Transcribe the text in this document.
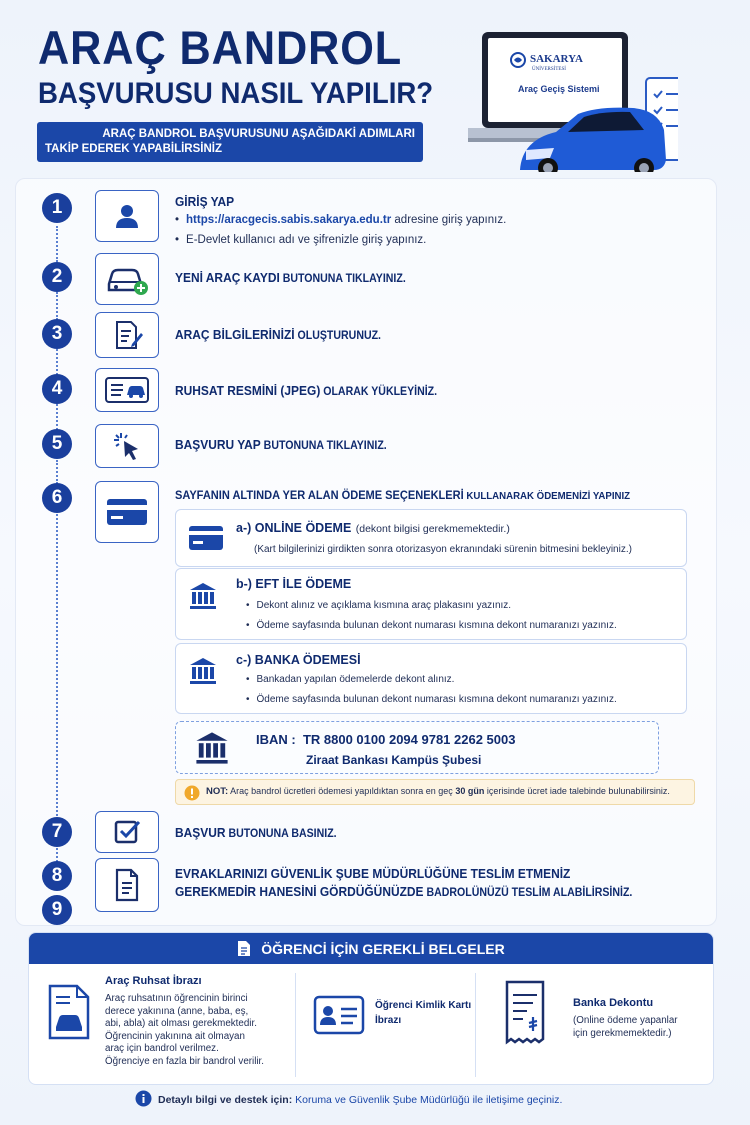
ARAÇ BANDROL
BAŞVURUSU NASIL YAPILIR?
ARAÇ BANDROL BAŞVURUSUNU AŞAĞIDAKİ ADIMLARI
TAKİP EDEREK YAPABİLİRSİNİZ
SAKARYA
ÜNİVERSİTESİ
Araç Geçiş Sistemi
1	GİRİŞ YAP
• https://aracgecis.sabis.sakarya.edu.tr adresine giriş yapınız.
• E-Devlet kullanıcı adı ve şifrenizle giriş yapınız.
2	YENİ ARAÇ KAYDI BUTONUNA TIKLAYINIZ.
3	ARAÇ BİLGİLERİNİZİ OLUŞTURUNUZ.
4	RUHSAT RESMİNİ (JPEG) OLARAK YÜKLEYİNİZ.
5	BAŞVURU YAP BUTONUNA TIKLAYINIZ.
6	SAYFANIN ALTINDA YER ALAN ÖDEME SEÇENEKLERİ KULLANARAK ÖDEMENİZİ YAPINIZ
a-) ONLİNE ÖDEME (dekont bilgisi gerekmemektedir.)
(Kart bilgilerinizi girdikten sonra otorizasyon ekranındaki sürenin bitmesini bekleyiniz.)
b-) EFT İLE ÖDEME
• Dekont alınız ve açıklama kısmına araç plakasını yazınız.
• Ödeme sayfasında bulunan dekont numarası kısmına dekont numaranızı yazınız.
c-) BANKA ÖDEMESİ
• Bankadan yapılan ödemelerde dekont alınız.
• Ödeme sayfasında bulunan dekont numarası kısmına dekont numaranızı yazınız.
IBAN : TR 8800 0100 2094 9781 2262 5003
Ziraat Bankası Kampüs Şubesi
NOT: Araç bandrol ücretleri ödemesi yapıldıktan sonra en geç 30 gün içerisinde ücret iade talebinde bulunabilirsiniz.
7	BAŞVUR BUTONUNA BASINIZ.
8
9
EVRAKLARINIZI GÜVENLİK ŞUBE MÜDÜRLÜĞÜNE TESLİM ETMENİZ
GEREKMEDİR HANESİNİ GÖRDÜĞÜNÜZDE BADROLÜNÜZÜ TESLİM ALABİLİRSİNİZ.
ÖĞRENCİ İÇİN GEREKLİ BELGELER
Araç Ruhsat İbrazı
Araç ruhsatının öğrencinin birinci
derece yakınına (anne, baba, eş,
abi, abla) ait olması gerekmektedir.
Öğrencinin yakınına ait olmayan
araç için bandrol verilmez.
Öğrenciye en fazla bir bandrol verilir.
Öğrenci Kimlik Kartı
İbrazı
Banka Dekontu
(Online ödeme yapanlar
için gerekmemektedir.)
Detaylı bilgi ve destek için: Koruma ve Güvenlik Şube Müdürlüğü ile iletişime geçiniz.
